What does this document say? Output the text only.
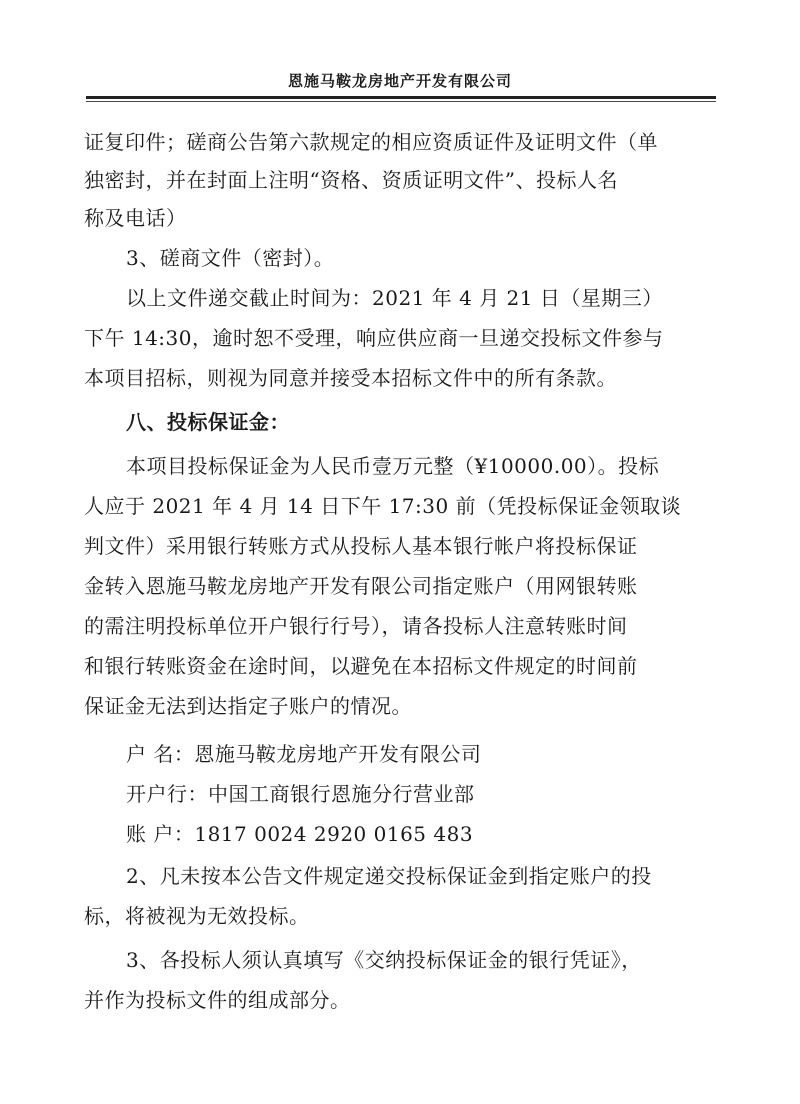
恩施马鞍龙房地产开发有限公司
证复印件；磋商公告第六款规定的相应资质证件及证明文件（单
独密封，并在封面上注明“资格、资质证明文件”、投标人名
称及电话）
3、磋商文件（密封）。
以上文件递交截止时间为：2021 年 4 月 21 日（星期三）
下午 14:30，逾时恕不受理，响应供应商一旦递交投标文件参与
本项目招标，则视为同意并接受本招标文件中的所有条款。
八、投标保证金：
本项目投标保证金为人民币壹万元整（¥10000.00）。投标
人应于 2021 年 4 月 14 日下午 17:30 前（凭投标保证金领取谈
判文件）采用银行转账方式从投标人基本银行帐户将投标保证
金转入恩施马鞍龙房地产开发有限公司指定账户（用网银转账
的需注明投标单位开户银行行号），请各投标人注意转账时间
和银行转账资金在途时间，以避免在本招标文件规定的时间前
保证金无法到达指定子账户的情况。
户 名：恩施马鞍龙房地产开发有限公司
开户行：中国工商银行恩施分行营业部
账 户：1817 0024 2920 0165 483
2、凡未按本公告文件规定递交投标保证金到指定账户的投
标，将被视为无效投标。
3、各投标人须认真填写《交纳投标保证金的银行凭证》，
并作为投标文件的组成部分。
